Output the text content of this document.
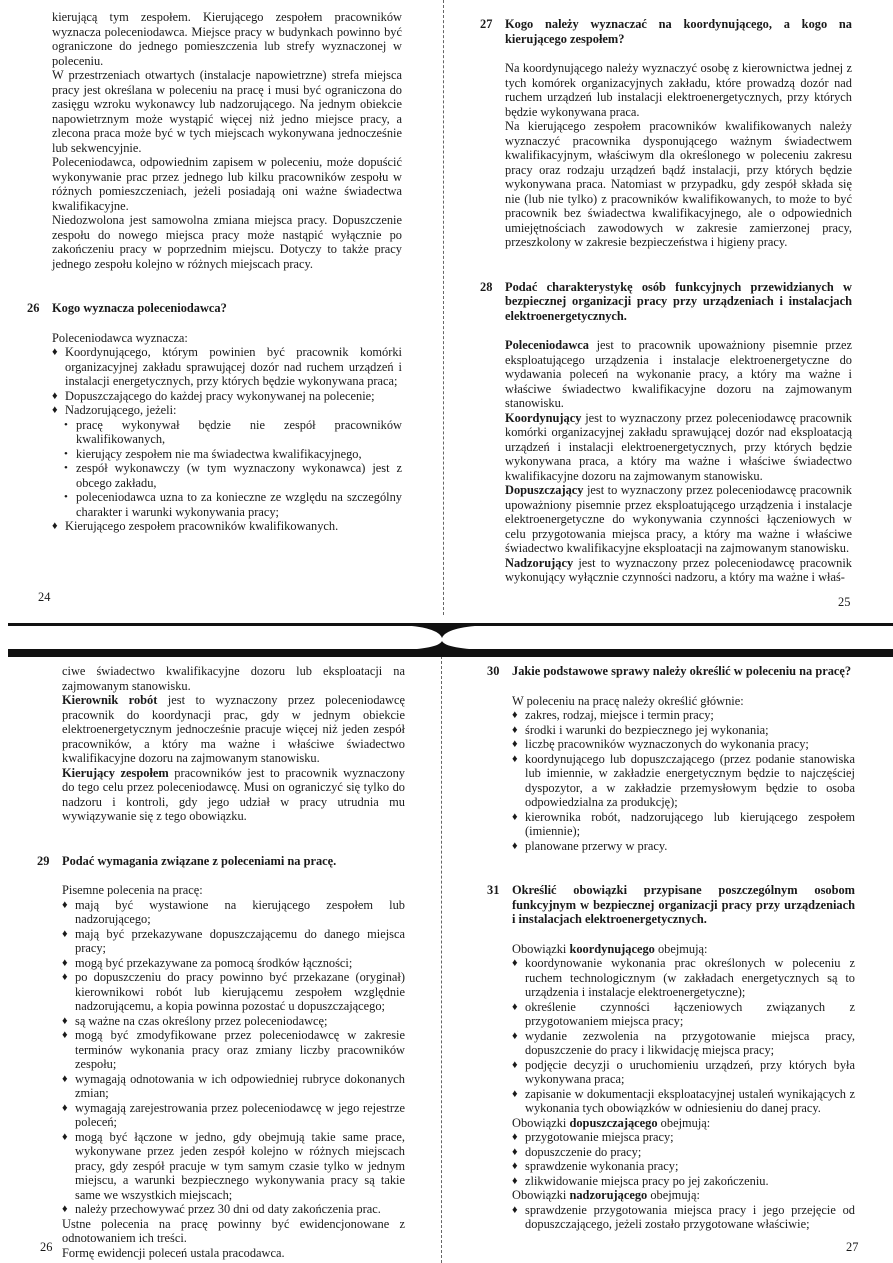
kierującą tym zespołem. Kierującego zespołem pracowników wyznacza poleceniodawca. Miejsce pracy w budynkach powinno być ograniczone do jednego pomieszczenia lub strefy wyznaczonej w poleceniu.
W przestrzeniach otwartych (instalacje napowietrzne) strefa miejsca pracy jest określana w poleceniu na pracę i musi być ograniczona do zasięgu wzroku wykonawcy lub nadzorującego. Na jednym obiekcie napowietrznym może wystąpić więcej niż jedno miejsce pracy, a zlecona praca może być w tych miejscach wykonywana jednocześnie lub sekwencyjnie.
Poleceniodawca, odpowiednim zapisem w poleceniu, może dopuścić wykonywanie prac przez jednego lub kilku pracowników zespołu w różnych pomieszczeniach, jeżeli posiadają oni ważne świadectwa kwalifikacyjne.
Niedozwolona jest samowolna zmiana miejsca pracy. Dopuszczenie zespołu do nowego miejsca pracy może nastąpić wyłącznie po zakończeniu pracy w poprzednim miejscu. Dotyczy to także pracy jednego zespołu kolejno w różnych miejscach pracy.
26 Kogo wyznacza poleceniodawca?
Poleceniodawca wyznacza:
♦ Koordynującego, którym powinien być pracownik komórki organizacyjnej zakładu sprawującej dozór nad ruchem urządzeń i instalacji energetycznych, przy których będzie wykonywana praca;
♦ Dopuszczającego do każdej pracy wykonywanej na polecenie;
♦ Nadzorującego, jeżeli:
• pracę wykonywał będzie nie zespół pracowników kwalifikowanych,
• kierujący zespołem nie ma świadectwa kwalifikacyjnego,
• zespół wykonawczy (w tym wyznaczony wykonawca) jest z obcego zakładu,
• poleceniodawca uzna to za konieczne ze względu na szczególny charakter i warunki wykonywania pracy;
♦ Kierującego zespołem pracowników kwalifikowanych.
27 Kogo należy wyznaczać na koordynującego, a kogo na kierującego zespołem?
Na koordynującego należy wyznaczyć osobę z kierownictwa jednej z tych komórek organizacyjnych zakładu, które prowadzą dozór nad ruchem urządzeń lub instalacji elektroenergetycznych, przy których będzie wykonywana praca.
Na kierującego zespołem pracowników kwalifikowanych należy wyznaczyć pracownika dysponującego ważnym świadectwem kwalifikacyjnym, właściwym dla określonego w poleceniu zakresu pracy oraz rodzaju urządzeń bądź instalacji, przy których będzie wykonywana praca. Natomiast w przypadku, gdy zespół składa się nie (lub nie tylko) z pracowników kwalifikowanych, to może to być pracownik bez świadectwa kwalifikacyjnego, ale o odpowiednich umiejętnościach zawodowych w zakresie zamierzonej pracy, przeszkolony w zakresie bezpieczeństwa i higieny pracy.
28 Podać charakterystykę osób funkcyjnych przewidzianych w bezpiecznej organizacji pracy przy urządzeniach i instalacjach elektroenergetycznych.
Poleceniodawca jest to pracownik upoważniony pisemnie przez eksploatującego urządzenia i instalacje elektroenergetyczne do wydawania poleceń na wykonanie pracy, a który ma ważne i właściwe świadectwo kwalifikacyjne dozoru na zajmowanym stanowisku.
Koordynujący jest to wyznaczony przez poleceniodawcę pracownik komórki organizacyjnej zakładu sprawującej dozór nad eksploatacją urządzeń i instalacji elektroenergetycznych, przy których będzie wykonywana praca, a który ma ważne i właściwe świadectwo kwalifikacyjne dozoru na zajmowanym stanowisku.
Dopuszczający jest to wyznaczony przez poleceniodawcę pracownik upoważniony pisemnie przez eksploatującego urządzenia i instalacje elektroenergetyczne do wykonywania czynności łączeniowych w celu przygotowania miejsca pracy, a który ma ważne i właściwe świadectwo kwalifikacyjne eksploatacji na zajmowanym stanowisku.
Nadzorujący jest to wyznaczony przez poleceniodawcę pracownik wykonujący wyłącznie czynności nadzoru, a który ma ważne i właś-
ciwe świadectwo kwalifikacyjne dozoru lub eksploatacji na zajmowanym stanowisku.
Kierownik robót jest to wyznaczony przez poleceniodawcę pracownik do koordynacji prac, gdy w jednym obiekcie elektroenergetycznym jednocześnie pracuje więcej niż jeden zespół pracowników, a który ma ważne i właściwe świadectwo kwalifikacyjne dozoru na zajmowanym stanowisku.
Kierujący zespołem pracowników jest to pracownik wyznaczony do tego celu przez poleceniodawcę. Musi on ograniczyć się tylko do nadzoru i kontroli, gdy jego udział w pracy utrudnia mu wywiązywanie się z tego obowiązku.
29 Podać wymagania związane z poleceniami na pracę.
Pisemne polecenia na pracę:
♦ mają być wystawione na kierującego zespołem lub nadzorującego;
♦ mają być przekazywane dopuszczającemu do danego miejsca pracy;
♦ mogą być przekazywane za pomocą środków łączności;
♦ po dopuszczeniu do pracy powinno być przekazane (oryginał) kierownikowi robót lub kierującemu zespołem względnie nadzorującemu, a kopia powinna pozostać u dopuszczającego;
♦ są ważne na czas określony przez poleceniodawcę;
♦ mogą być zmodyfikowane przez poleceniodawcę w zakresie terminów wykonania pracy oraz zmiany liczby pracowników zespołu;
♦ wymagają odnotowania w ich odpowiedniej rubryce dokonanych zmian;
♦ wymagają zarejestrowania przez poleceniodawcę w jego rejestrze poleceń;
♦ mogą być łączone w jedno, gdy obejmują takie same prace, wykonywane przez jeden zespół kolejno w różnych miejscach pracy, gdy zespół pracuje w tym samym czasie tylko w jednym miejscu, a warunki bezpiecznego wykonywania pracy są takie same we wszystkich miejscach;
♦ należy przechowywać przez 30 dni od daty zakończenia prac.
Ustne polecenia na pracę powinny być ewidencjonowane z odnotowaniem ich treści.
Formę ewidencji poleceń ustala pracodawca.
30 Jakie podstawowe sprawy należy określić w poleceniu na pracę?
W poleceniu na pracę należy określić głównie:
♦ zakres, rodzaj, miejsce i termin pracy;
♦ środki i warunki do bezpiecznego jej wykonania;
♦ liczbę pracowników wyznaczonych do wykonania pracy;
♦ koordynującego lub dopuszczającego (przez podanie stanowiska lub imiennie, w zakładzie energetycznym będzie to najczęściej dyspozytor, a w zakładzie przemysłowym będzie to osoba odpowiedzialna za produkcję);
♦ kierownika robót, nadzorującego lub kierującego zespołem (imiennie);
♦ planowane przerwy w pracy.
31 Określić obowiązki przypisane poszczególnym osobom funkcyjnym w bezpiecznej organizacji pracy przy urządzeniach i instalacjach elektroenergetycznych.
Obowiązki koordynującego obejmują:
♦ koordynowanie wykonania prac określonych w poleceniu z ruchem technologicznym (w zakładach energetycznych są to urządzenia i instalacje elektroenergetyczne);
♦ określenie czynności łączeniowych związanych z przygotowaniem miejsca pracy;
♦ wydanie zezwolenia na przygotowanie miejsca pracy, dopuszczenie do pracy i likwidację miejsca pracy;
♦ podjęcie decyzji o uruchomieniu urządzeń, przy których była wykonywana praca;
♦ zapisanie w dokumentacji eksploatacyjnej ustaleń wynikających z wykonania tych obowiązków w odniesieniu do danej pracy.
Obowiązki dopuszczającego obejmują:
♦ przygotowanie miejsca pracy;
♦ dopuszczenie do pracy;
♦ sprawdzenie wykonania pracy;
♦ zlikwidowanie miejsca pracy po jej zakończeniu.
Obowiązki nadzorującego obejmują:
♦ sprawdzenie przygotowania miejsca pracy i jego przejęcie od dopuszczającego, jeżeli zostało przygotowane właściwie;
24	25
26	27
